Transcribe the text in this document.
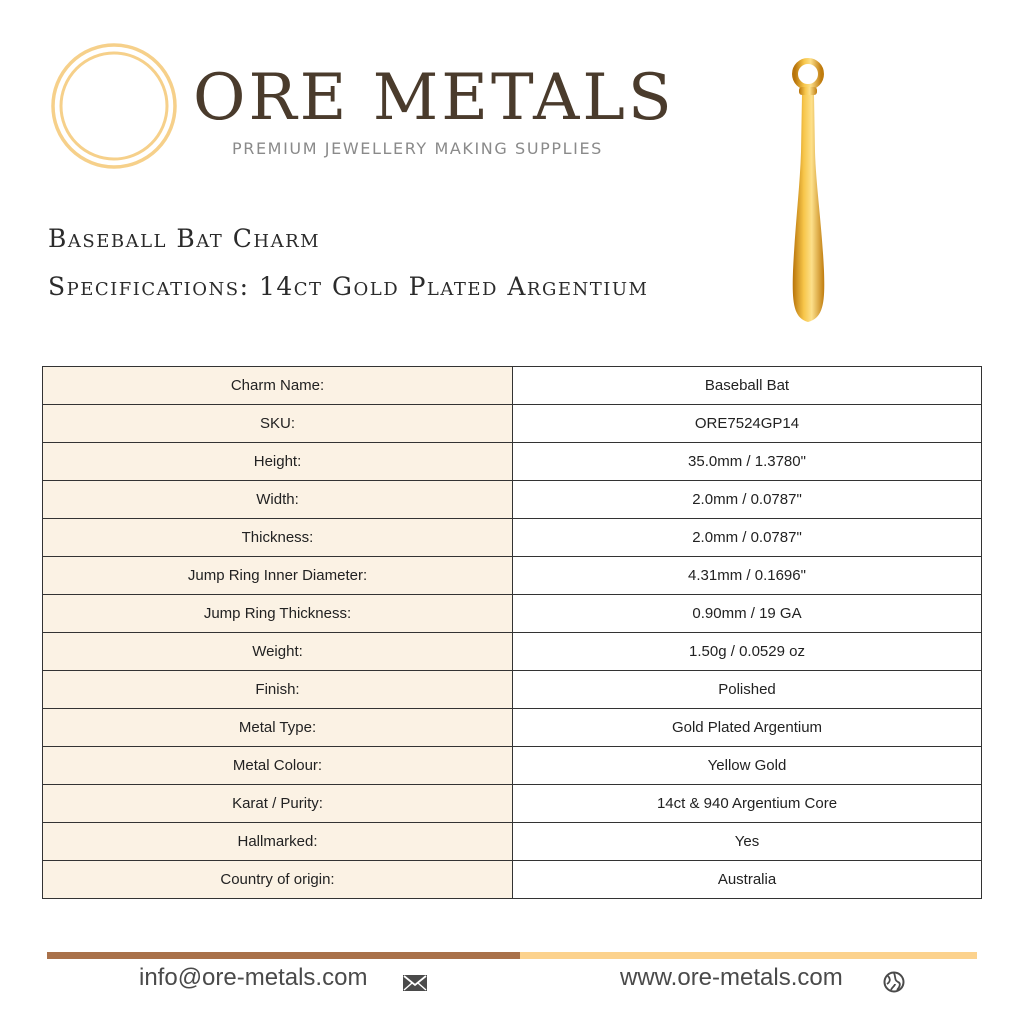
ORE METALS
PREMIUM JEWELLERY MAKING SUPPLIES
Baseball Bat Charm
Specifications: 14ct Gold Plated Argentium
Charm Name:	Baseball Bat
SKU:	ORE7524GP14
Height:	35.0mm / 1.3780"
Width:	2.0mm / 0.0787"
Thickness:	2.0mm / 0.0787"
Jump Ring Inner Diameter:	4.31mm / 0.1696"
Jump Ring Thickness:	0.90mm / 19 GA
Weight:	1.50g / 0.0529 oz
Finish:	Polished
Metal Type:	Gold Plated Argentium
Metal Colour:	Yellow Gold
Karat / Purity:	14ct & 940 Argentium Core
Hallmarked:	Yes
Country of origin:	Australia
info@ore-metals.com	www.ore-metals.com
